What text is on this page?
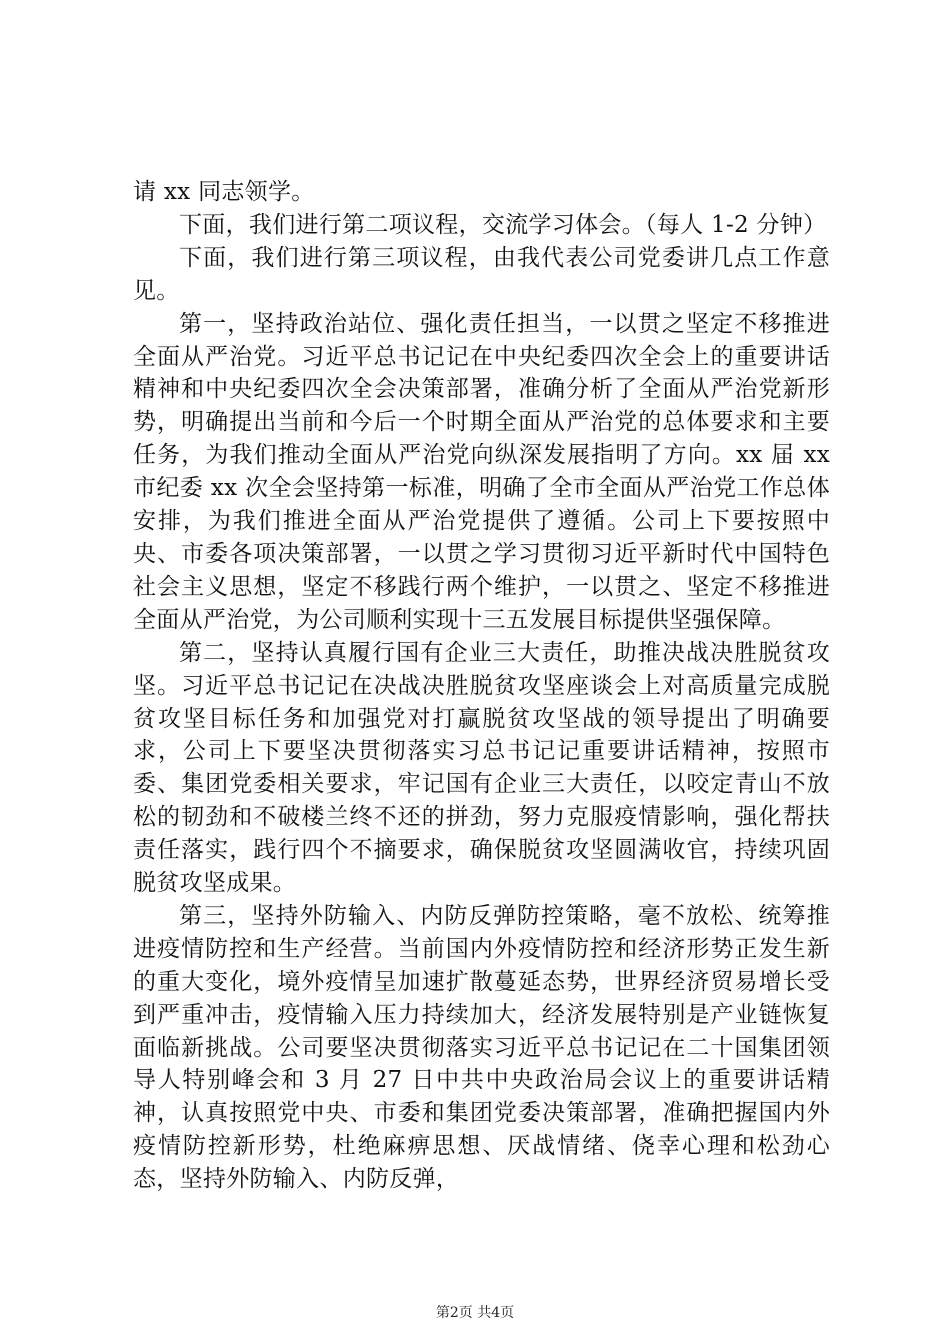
请 xx 同志领学。

下面，我们进行第二项议程，交流学习体会。（每人 1-2 分钟）

下面，我们进行第三项议程，由我代表公司党委讲几点工作意见。

第一，坚持政治站位、强化责任担当，一以贯之坚定不移推进全面从严治党。习近平总书记记在中央纪委四次全会上的重要讲话精神和中央纪委四次全会决策部署，准确分析了全面从严治党新形势，明确提出当前和今后一个时期全面从严治党的总体要求和主要任务，为我们推动全面从严治党向纵深发展指明了方向。xx 届 xx 市纪委 xx 次全会坚持第一标准，明确了全市全面从严治党工作总体安排，为我们推进全面从严治党提供了遵循。公司上下要按照中央、市委各项决策部署，一以贯之学习贯彻习近平新时代中国特色社会主义思想，坚定不移践行两个维护，一以贯之、坚定不移推进全面从严治党，为公司顺利实现十三五发展目标提供坚强保障。

第二，坚持认真履行国有企业三大责任，助推决战决胜脱贫攻坚。习近平总书记记在决战决胜脱贫攻坚座谈会上对高质量完成脱贫攻坚目标任务和加强党对打赢脱贫攻坚战的领导提出了明确要求，公司上下要坚决贯彻落实习总书记记重要讲话精神，按照市委、集团党委相关要求，牢记国有企业三大责任，以咬定青山不放松的韧劲和不破楼兰终不还的拼劲，努力克服疫情影响，强化帮扶责任落实，践行四个不摘要求，确保脱贫攻坚圆满收官，持续巩固脱贫攻坚成果。

第三，坚持外防输入、内防反弹防控策略，毫不放松、统筹推进疫情防控和生产经营。当前国内外疫情防控和经济形势正发生新的重大变化，境外疫情呈加速扩散蔓延态势，世界经济贸易增长受到严重冲击，疫情输入压力持续加大，经济发展特别是产业链恢复面临新挑战。公司要坚决贯彻落实习近平总书记记在二十国集团领导人特别峰会和 3 月 27 日中共中央政治局会议上的重要讲话精神，认真按照党中央、市委和集团党委决策部署，准确把握国内外疫情防控新形势，杜绝麻痹思想、厌战情绪、侥幸心理和松劲心态，坚持外防输入、内防反弹，

第2页 共4页
